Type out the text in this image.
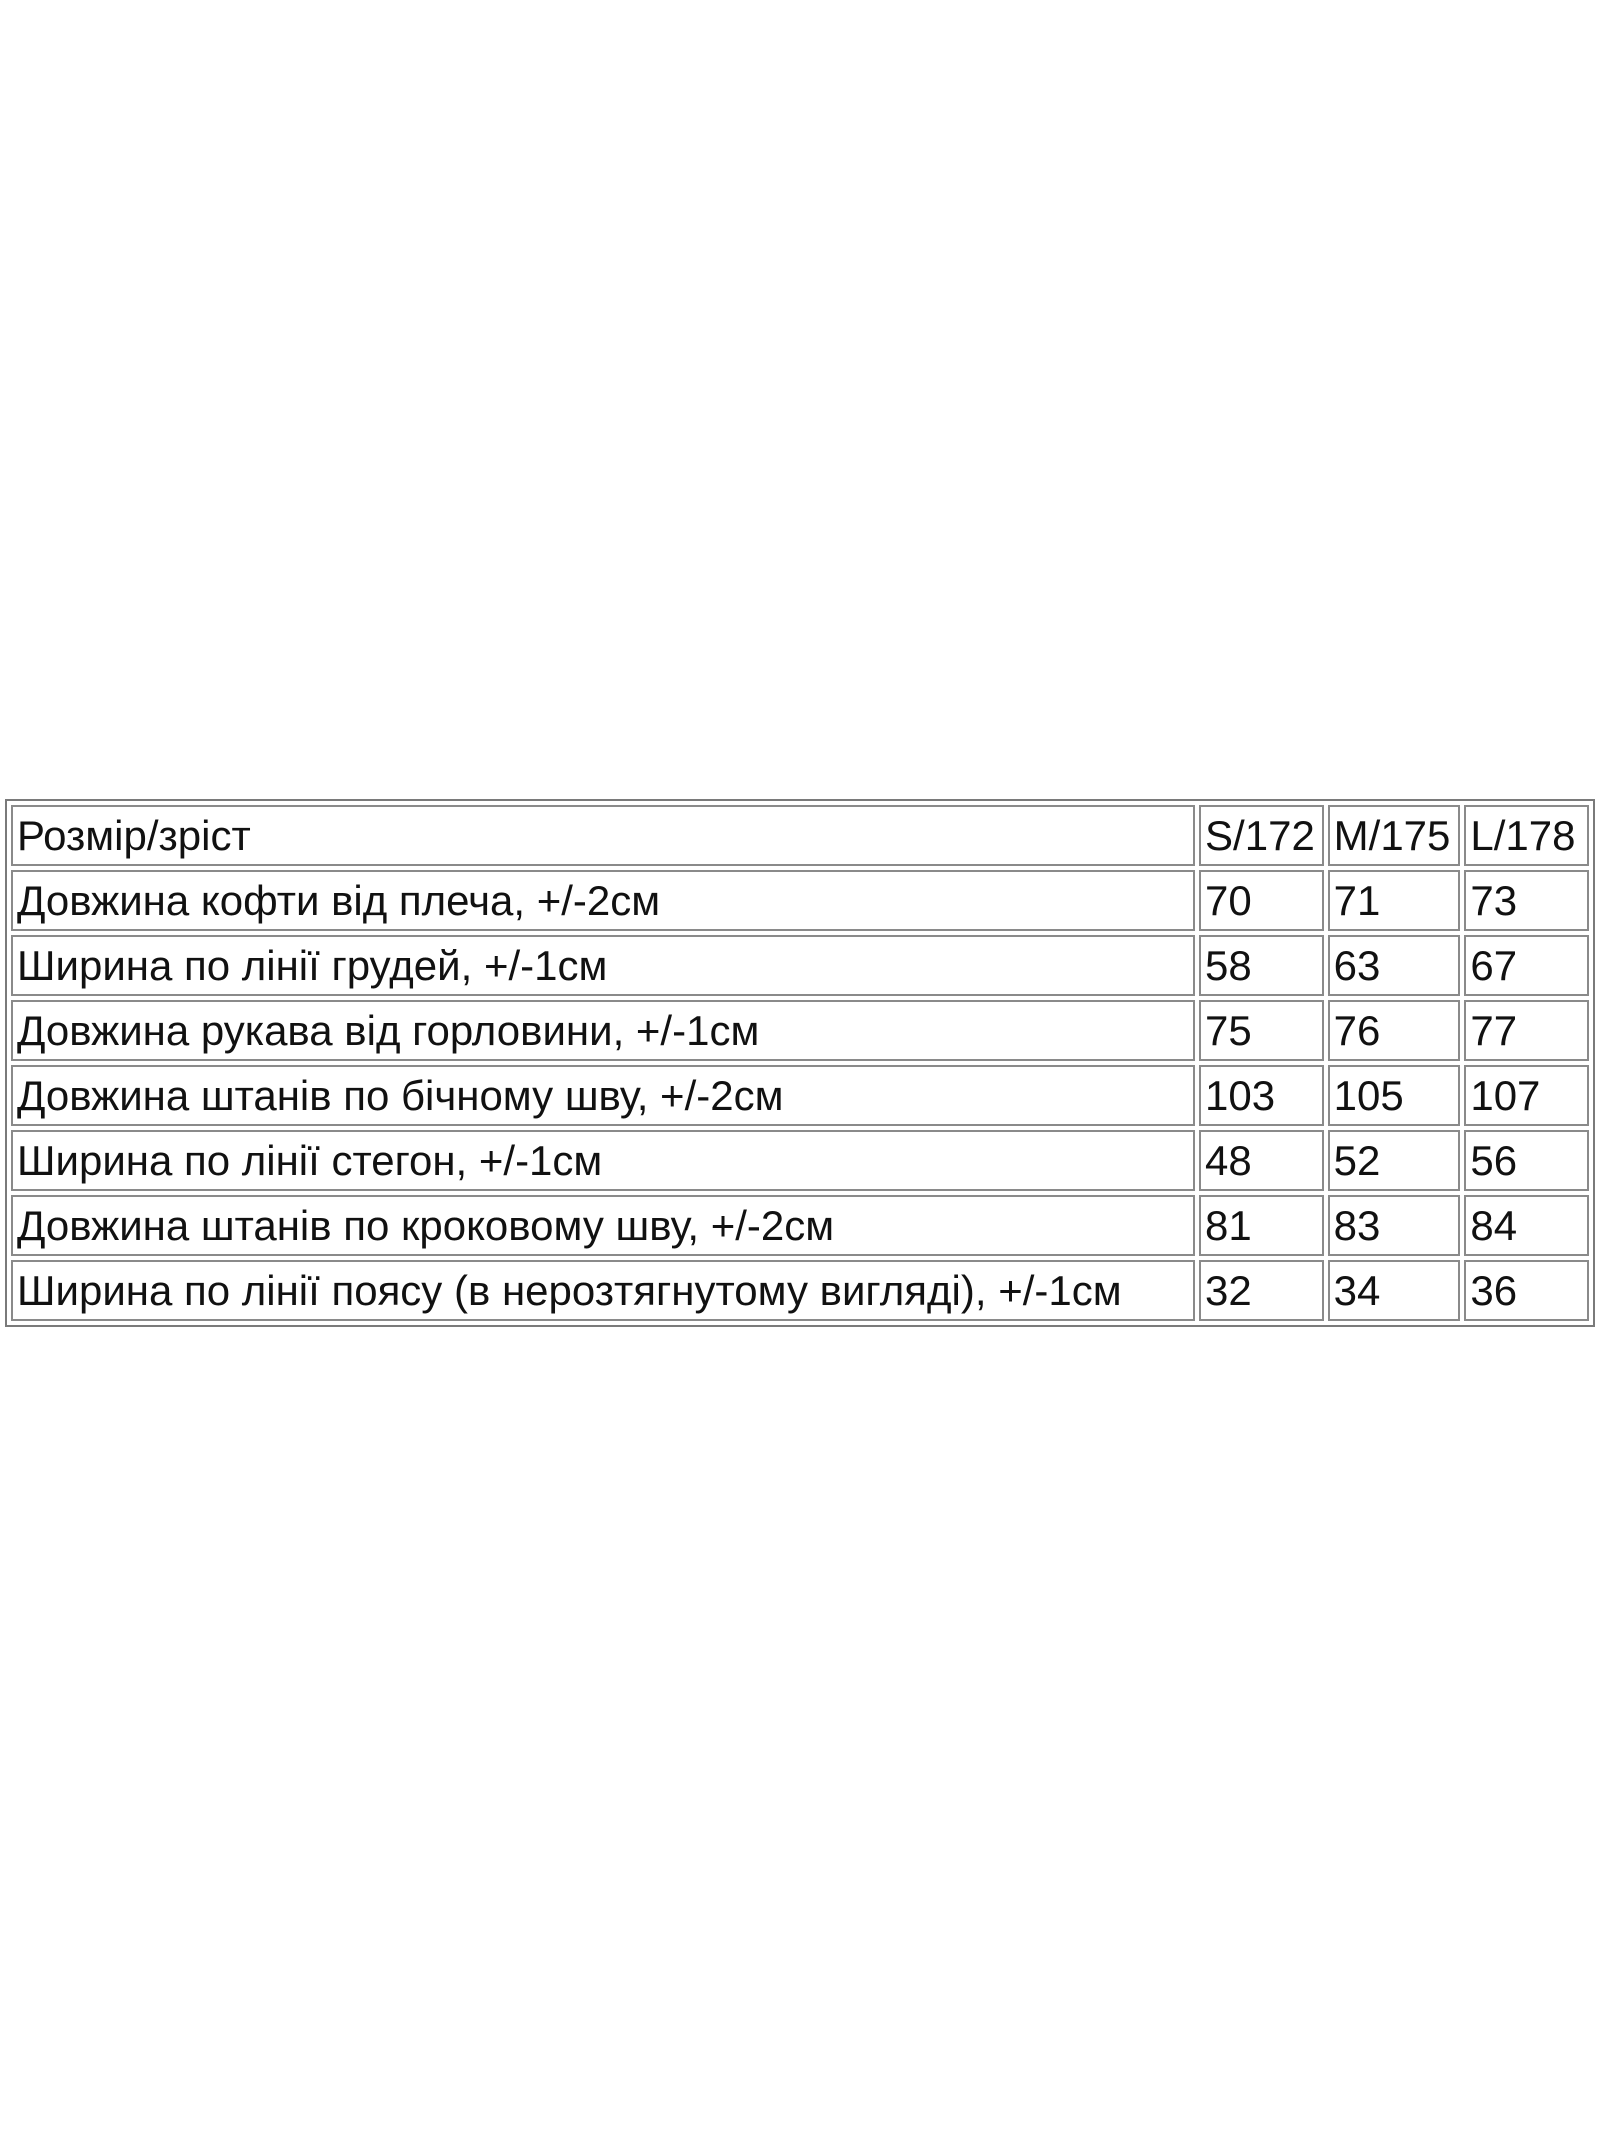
Розмір/зріст	S/172	M/175	L/178
Довжина кофти від плеча, +/-2см	70	71	73
Ширина по лінії грудей, +/-1см	58	63	67
Довжина рукава від горловини, +/-1см	75	76	77
Довжина штанів по бічному шву, +/-2см	103	105	107
Ширина по лінії стегон, +/-1см	48	52	56
Довжина штанів по кроковому шву, +/-2см	81	83	84
Ширина по лінії поясу (в нерозтягнутому вигляді), +/-1см	32	34	36
